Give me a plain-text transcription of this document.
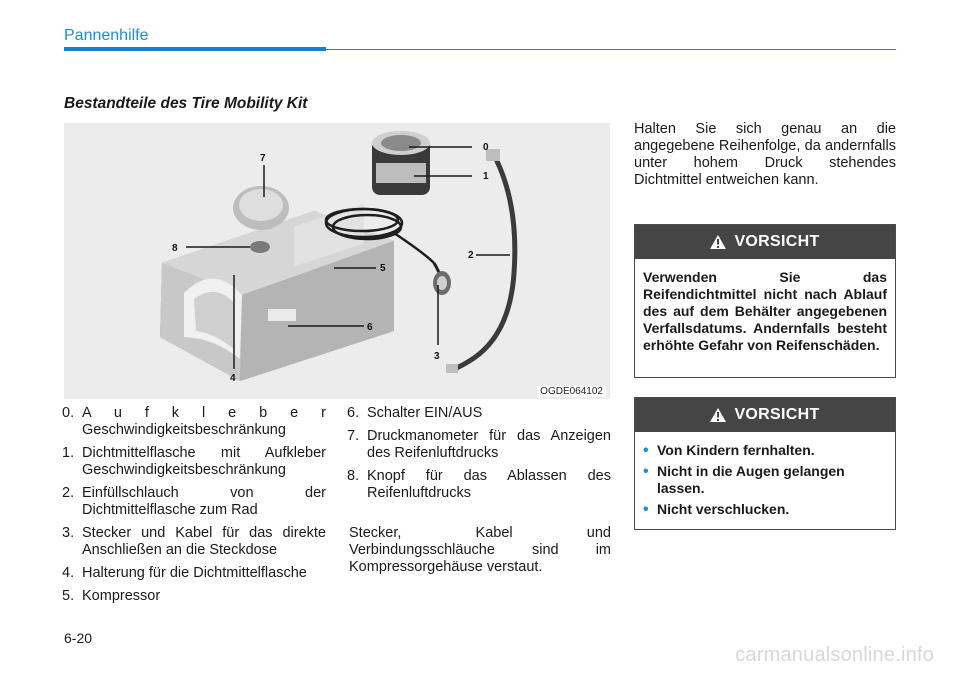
Pannenhilfe
Bestandteile des Tire Mobility Kit
0
1
2
3
4
5
6
7
8
OGDE064102
0. A u f k l e b e r Geschwindigkeitsbeschränkung
1. Dichtmittelflasche mit Aufkleber Geschwindigkeitsbeschränkung
2. Einfüllschlauch von der Dichtmittelflasche zum Rad
3. Stecker und Kabel für das direkte Anschließen an die Steckdose
4. Halterung für die Dichtmittelflasche
5. Kompressor
6. Schalter EIN/AUS
7. Druckmanometer für das Anzeigen des Reifenluftdrucks
8. Knopf für das Ablassen des Reifenluftdrucks

Stecker, Kabel und Verbindungsschläuche sind im Kompressorgehäuse verstaut.

Halten Sie sich genau an die angegebene Reihenfolge, da andernfalls unter hohem Druck stehendes Dichtmittel entweichen kann.

VORSICHT

Verwenden Sie das Reifendichtmittel nicht nach Ablauf des auf dem Behälter angegebenen Verfallsdatums. Andernfalls besteht erhöhte Gefahr von Reifenschäden.

VORSICHT
• Von Kindern fernhalten.
• Nicht in die Augen gelangen lassen.
• Nicht verschlucken.
6-20
carmanualsonline.info
